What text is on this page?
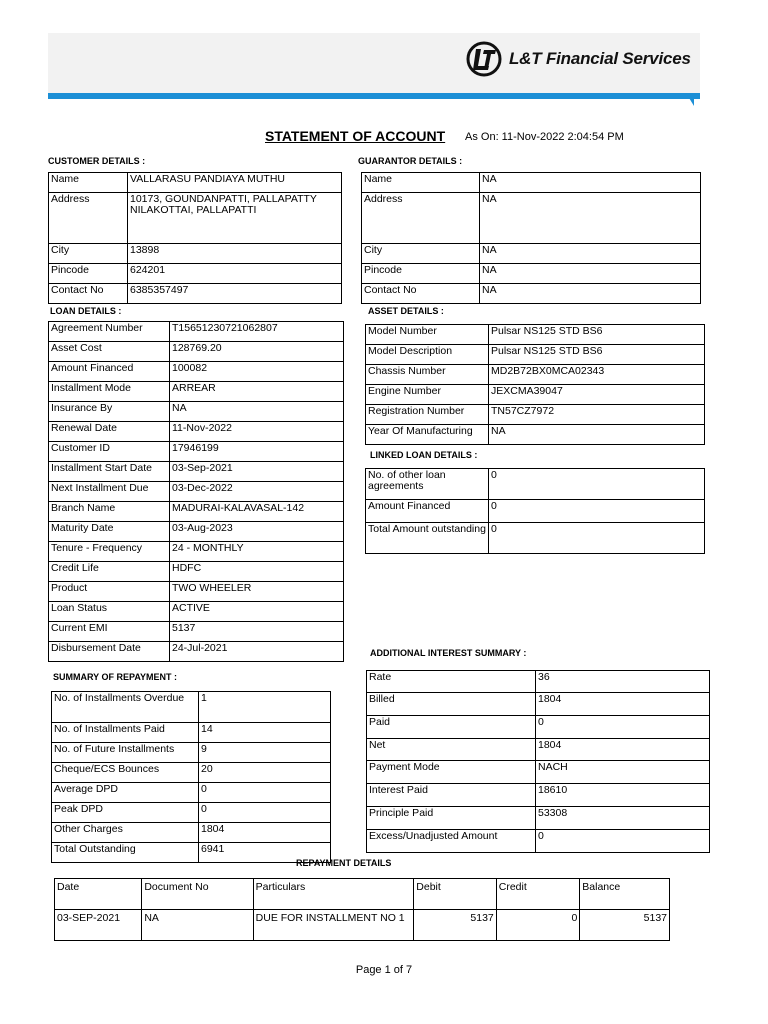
L&T Financial Services
STATEMENT OF ACCOUNT As On: 11-Nov-2022 2:04:54 PM
CUSTOMER DETAILS :	GUARANTOR DETAILS :
Name	VALLARASU PANDIAYA MUTHU
Address	10173, GOUNDANPATTI, PALLAPATTY NILAKOTTAI, PALLAPATTI
City	13898
Pincode	624201
Contact No	6385357497
Name	NA
Address	NA
City	NA
Pincode	NA
Contact No	NA
LOAN DETAILS :	ASSET DETAILS :
Agreement Number	T15651230721062807
Asset Cost	128769.20
Amount Financed	100082
Installment Mode	ARREAR
Insurance By	NA
Renewal Date	11-Nov-2022
Customer ID	17946199
Installment Start Date	03-Sep-2021
Next Installment Due	03-Dec-2022
Branch Name	MADURAI-KALAVASAL-142
Maturity Date	03-Aug-2023
Tenure - Frequency	24 - MONTHLY
Credit Life	HDFC
Product	TWO WHEELER
Loan Status	ACTIVE
Current EMI	5137
Disbursement Date	24-Jul-2021
Model Number	Pulsar NS125 STD BS6
Model Description	Pulsar NS125 STD BS6
Chassis Number	MD2B72BX0MCA02343
Engine Number	JEXCMA39047
Registration Number	TN57CZ7972
Year Of Manufacturing	NA
LINKED LOAN DETAILS :
No. of other loan agreements	0
Amount Financed	0
Total Amount outstanding	0
ADDITIONAL INTEREST SUMMARY :
SUMMARY OF REPAYMENT :
No. of Installments Overdue	1
No. of Installments Paid	14
No. of Future Installments	9
Cheque/ECS Bounces	20
Average DPD	0
Peak DPD	0
Other Charges	1804
Total Outstanding	6941
Rate	36
Billed	1804
Paid	0
Net	1804
Payment Mode	NACH
Interest Paid	18610
Principle Paid	53308
Excess/Unadjusted Amount	0
REPAYMENT DETAILS
Date	Document No	Particulars	Debit	Credit	Balance
03-SEP-2021	NA	DUE FOR INSTALLMENT NO 1	5137	0	5137
Page 1 of 7
